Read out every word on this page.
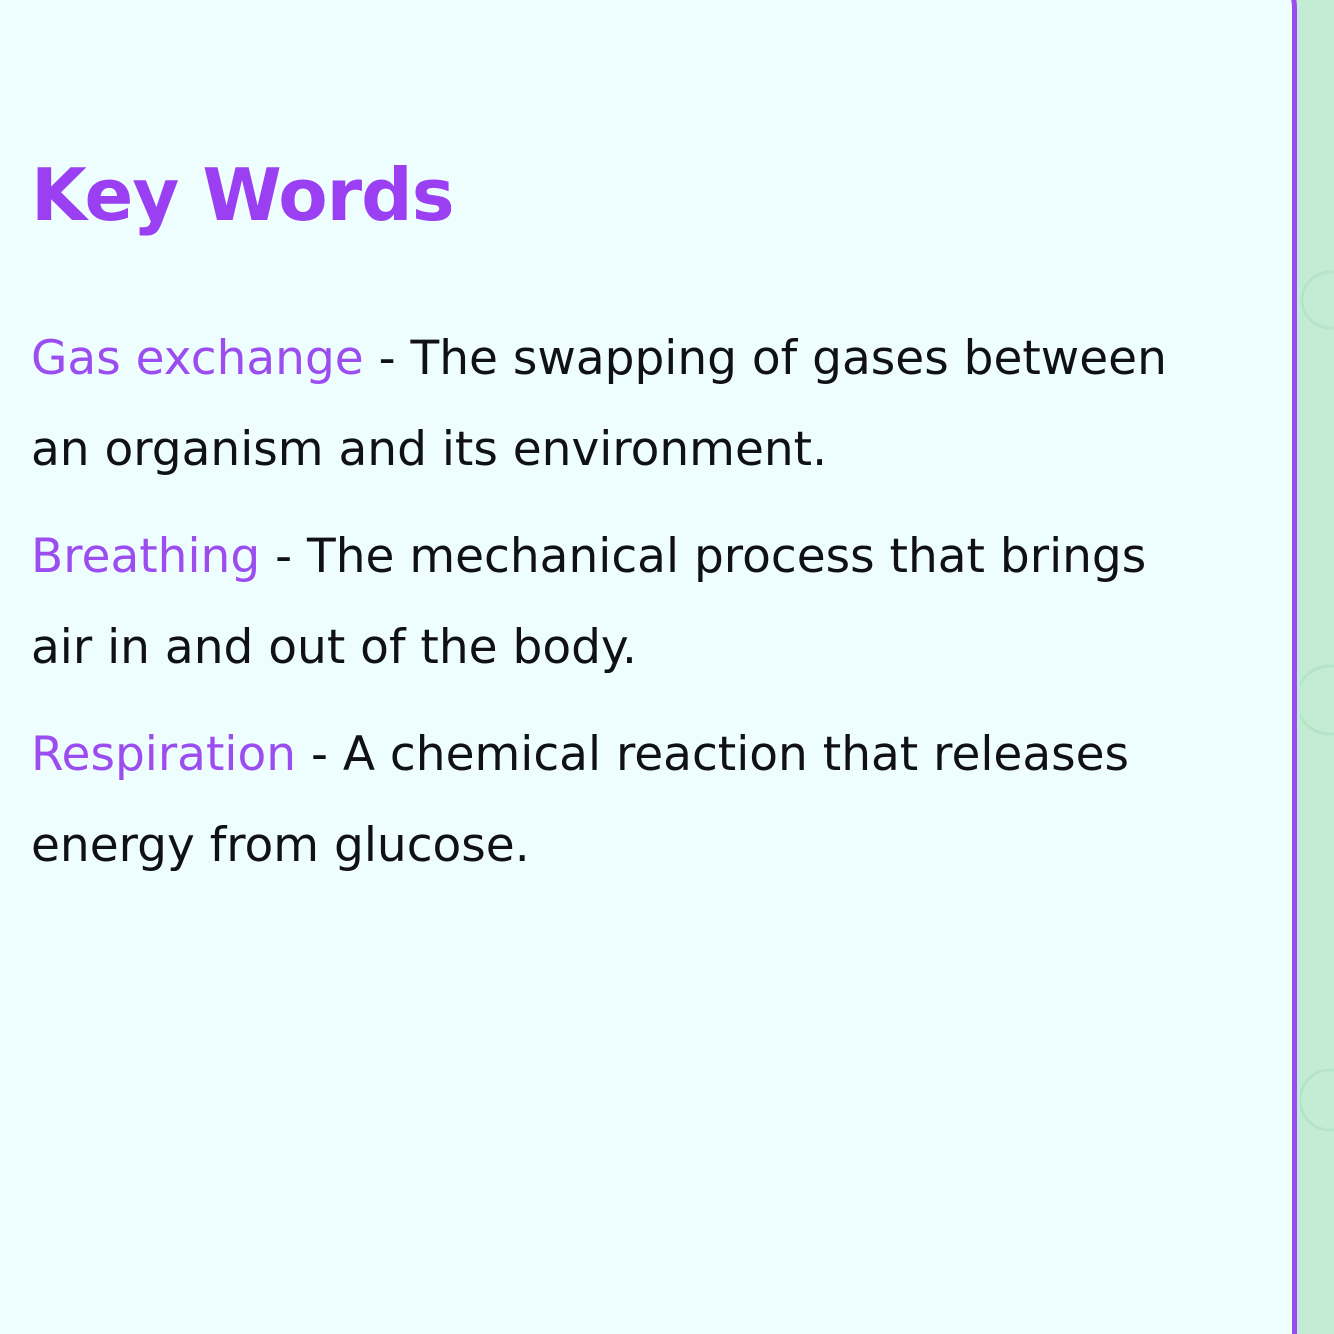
Key Words
Gas exchange - The swapping of gases between an organism and its environment.
Breathing - The mechanical process that brings air in and out of the body.
Respiration - A chemical reaction that releases energy from glucose.
